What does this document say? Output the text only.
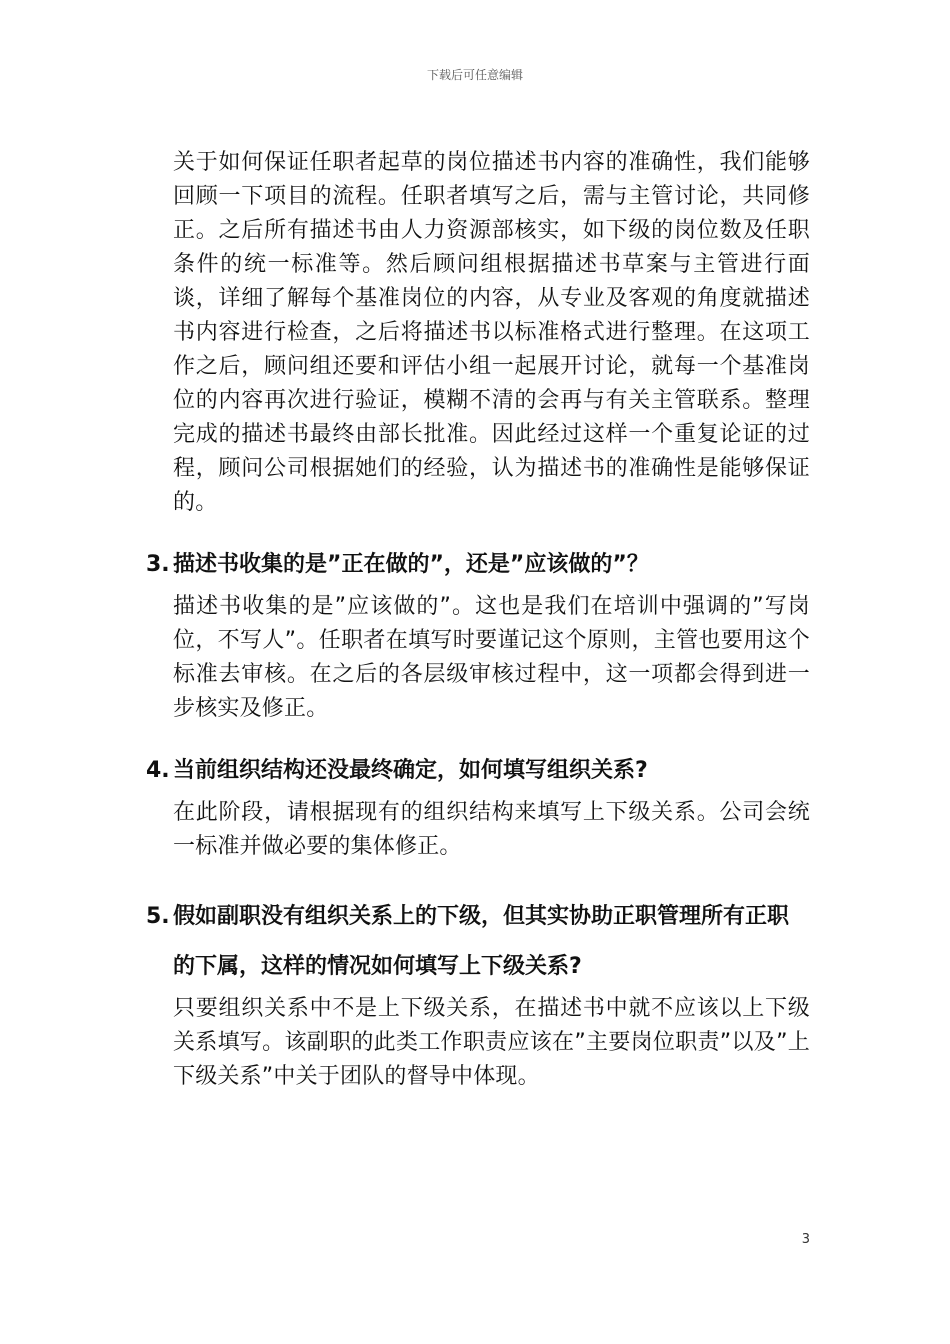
下载后可任意编辑

关于如何保证任职者起草的岗位描述书内容的准确性，我们能够回顾一下项目的流程。任职者填写之后，需与主管讨论，共同修正。之后所有描述书由人力资源部核实，如下级的岗位数及任职条件的统一标准等。然后顾问组根据描述书草案与主管进行面谈，详细了解每个基准岗位的内容，从专业及客观的角度就描述书内容进行检查，之后将描述书以标准格式进行整理。在这项工作之后，顾问组还要和评估小组一起展开讨论，就每一个基准岗位的内容再次进行验证，模糊不清的会再与有关主管联系。整理完成的描述书最终由部长批准。因此经过这样一个重复论证的过程，顾问公司根据她们的经验，认为描述书的准确性是能够保证的。

3. 描述书收集的是”正在做的”，还是”应该做的”？

描述书收集的是”应该做的”。这也是我们在培训中强调的”写岗位，不写人”。任职者在填写时要谨记这个原则，主管也要用这个标准去审核。在之后的各层级审核过程中，这一项都会得到进一步核实及修正。

4. 当前组织结构还没最终确定，如何填写组织关系?

在此阶段，请根据现有的组织结构来填写上下级关系。公司会统一标准并做必要的集体修正。

5. 假如副职没有组织关系上的下级，但其实协助正职管理所有正职的下属，这样的情况如何填写上下级关系?

只要组织关系中不是上下级关系，在描述书中就不应该以上下级关系填写。该副职的此类工作职责应该在”主要岗位职责”以及”上下级关系”中关于团队的督导中体现。

3
